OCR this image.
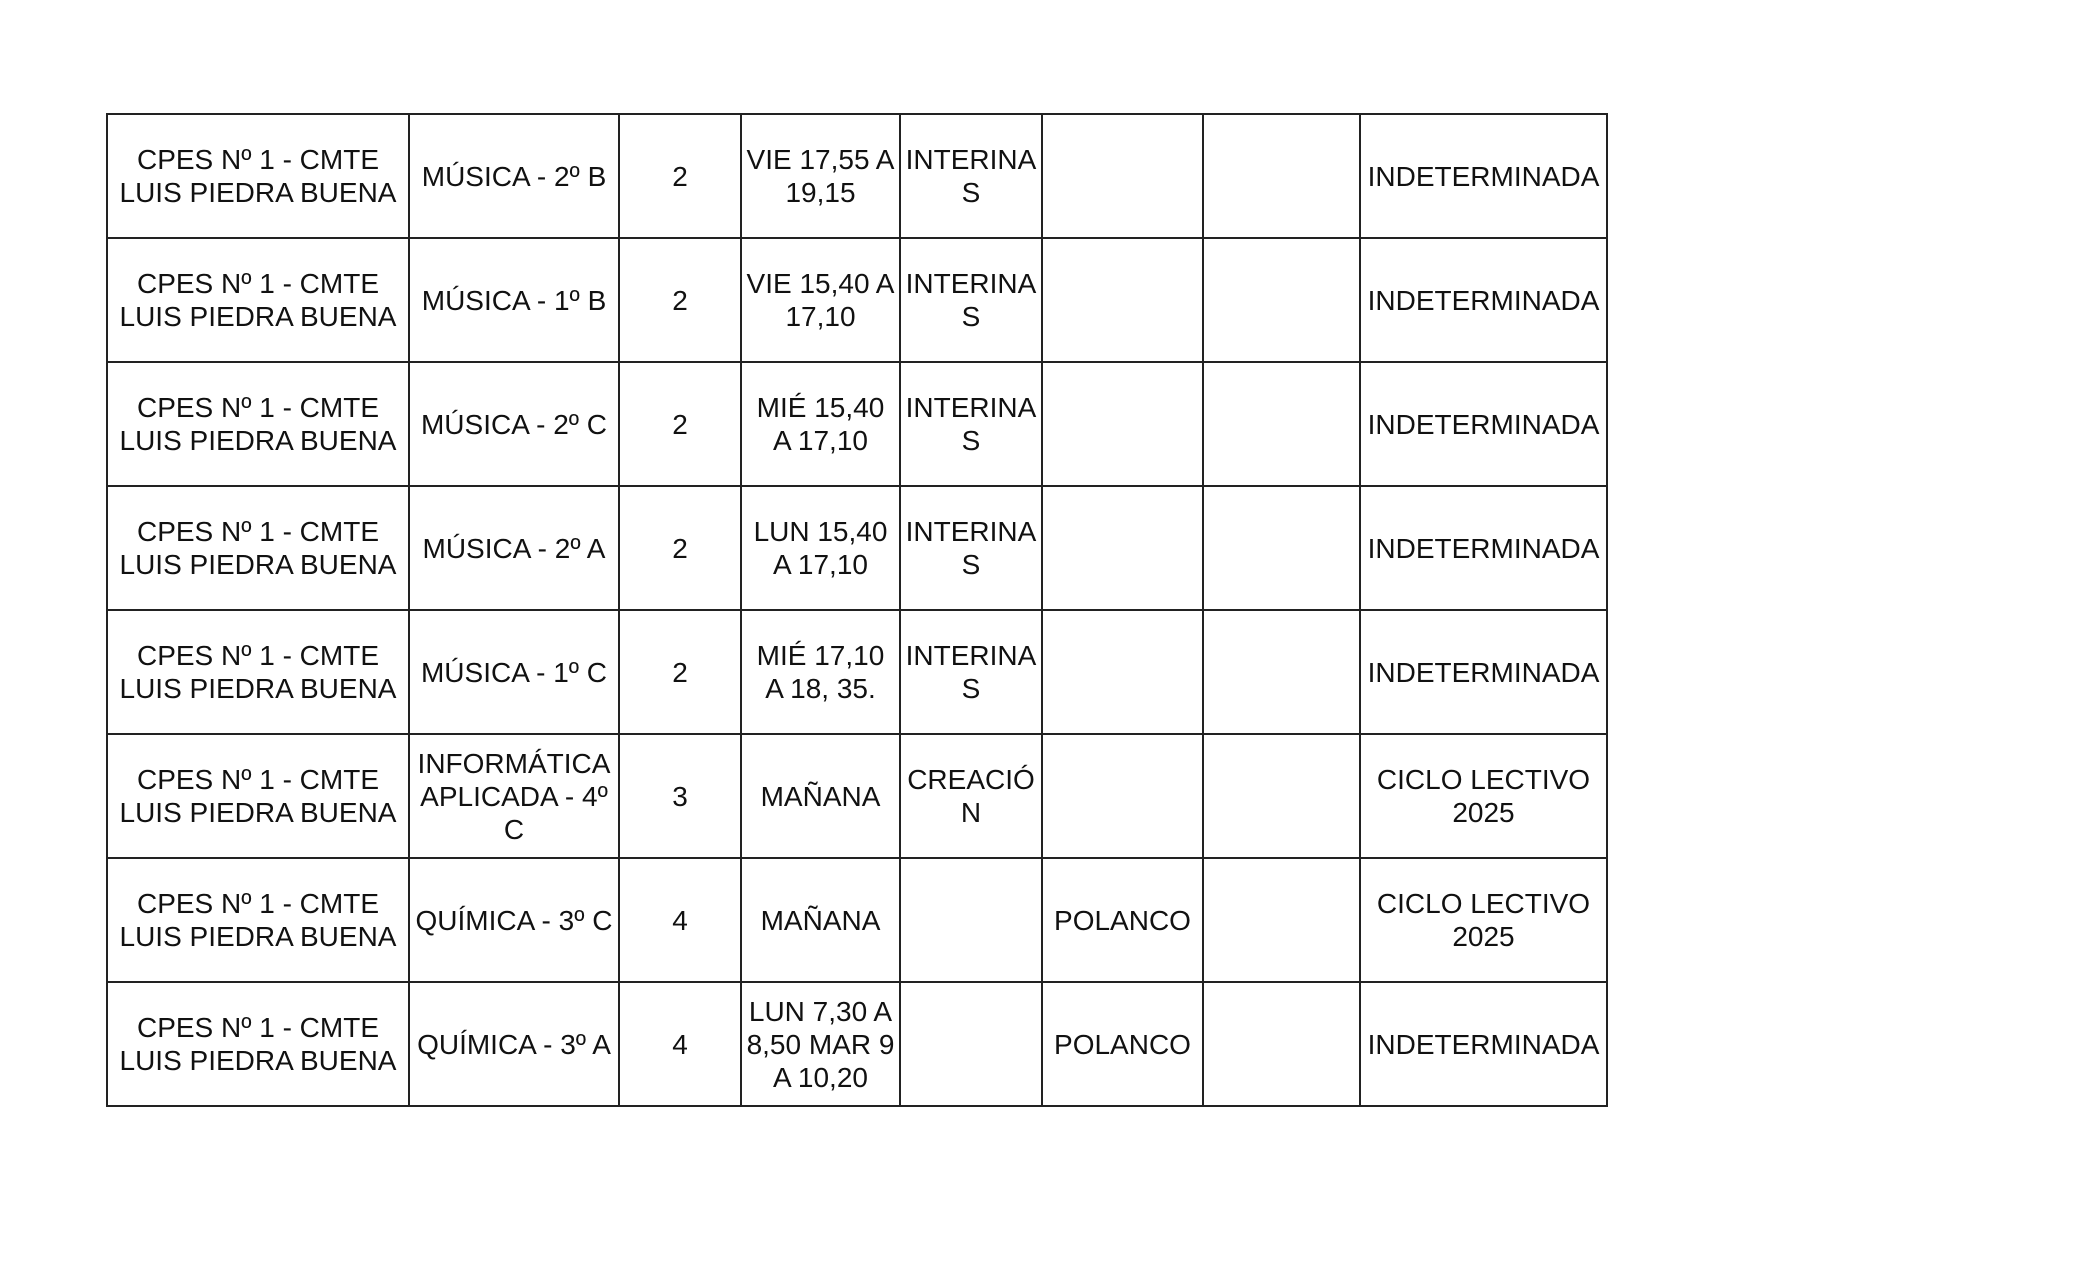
CPES Nº 1 - CMTE LUIS PIEDRA BUENA	MÚSICA - 2º B	2	VIE 17,55 A 19,15	INTERINAS			INDETERMINADA
CPES Nº 1 - CMTE LUIS PIEDRA BUENA	MÚSICA - 1º B	2	VIE 15,40 A 17,10	INTERINAS			INDETERMINADA
CPES Nº 1 - CMTE LUIS PIEDRA BUENA	MÚSICA - 2º C	2	MIÉ 15,40 A 17,10	INTERINAS			INDETERMINADA
CPES Nº 1 - CMTE LUIS PIEDRA BUENA	MÚSICA - 2º A	2	LUN 15,40 A 17,10	INTERINAS			INDETERMINADA
CPES Nº 1 - CMTE LUIS PIEDRA BUENA	MÚSICA - 1º C	2	MIÉ 17,10 A 18, 35.	INTERINAS			INDETERMINADA
CPES Nº 1 - CMTE LUIS PIEDRA BUENA	INFORMÁTICA APLICADA - 4º C	3	MAÑANA	CREACIÓN			CICLO LECTIVO 2025
CPES Nº 1 - CMTE LUIS PIEDRA BUENA	QUÍMICA - 3º C	4	MAÑANA		POLANCO		CICLO LECTIVO 2025
CPES Nº 1 - CMTE LUIS PIEDRA BUENA	QUÍMICA - 3º A	4	LUN 7,30 A 8,50 MAR 9 A 10,20		POLANCO		INDETERMINADA
